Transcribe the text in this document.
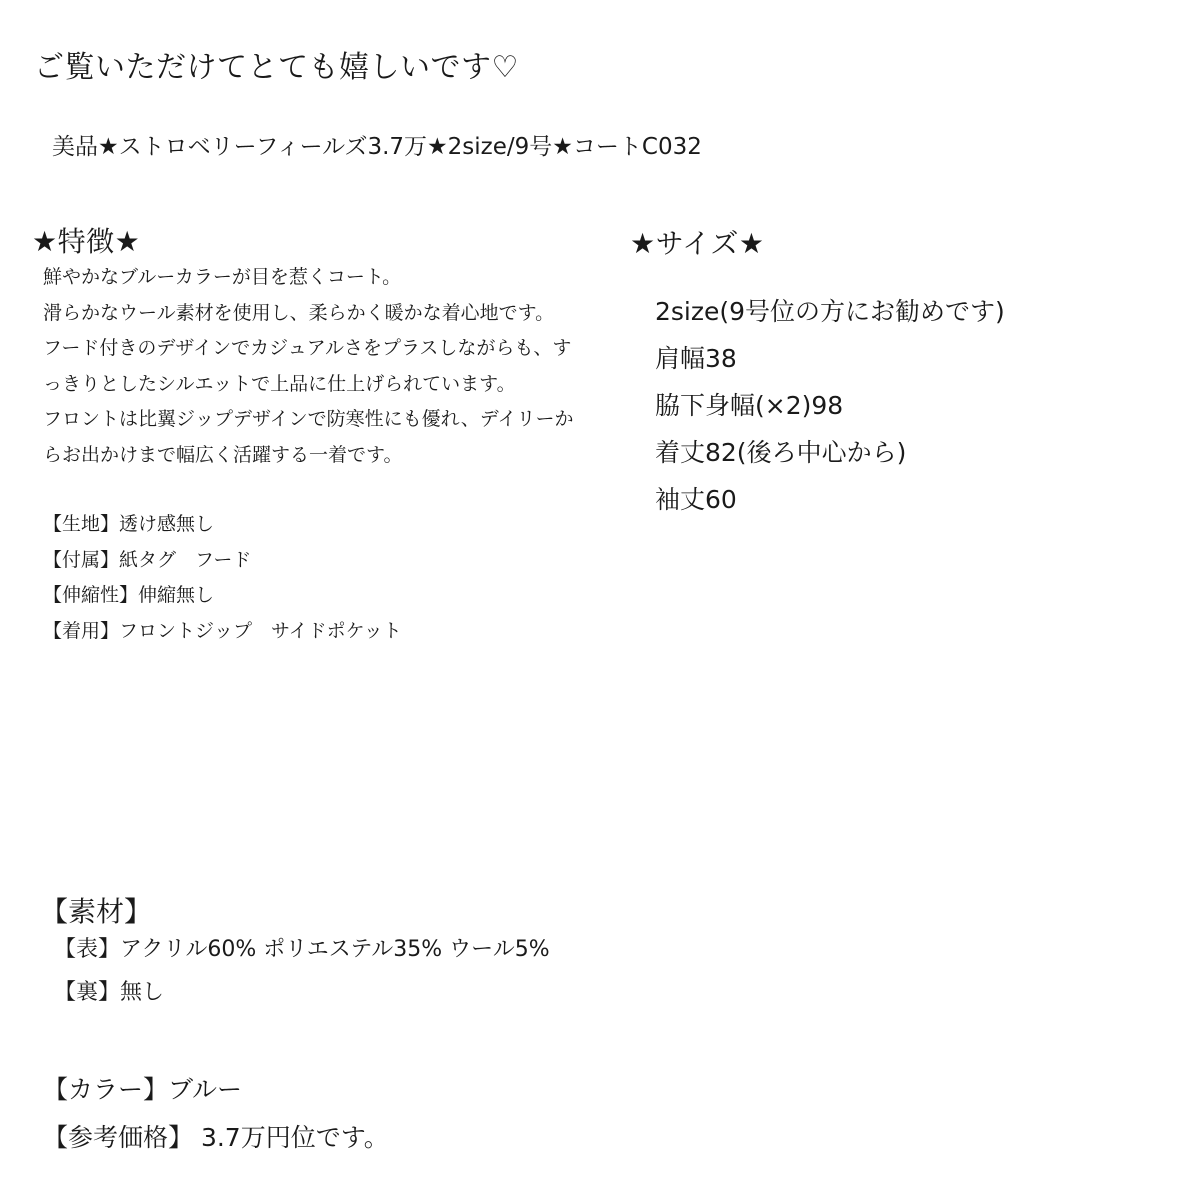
ご覧いただけてとても嬉しいです♡
美品★ストロベリーフィールズ3.7万★2size/9号★コートC032
★特徴★
鮮やかなブルーカラーが目を惹くコート。
滑らかなウール素材を使用し、柔らかく暖かな着心地です。
フード付きのデザインでカジュアルさをプラスしながらも、す
っきりとしたシルエットで上品に仕上げられています。
フロントは比翼ジップデザインで防寒性にも優れ、デイリーか
らお出かけまで幅広く活躍する一着です。
【生地】透け感無し
【付属】紙タグ　フード
【伸縮性】伸縮無し
【着用】フロントジップ　サイドポケット
★サイズ★
2size(9号位の方にお勧めです)
肩幅38
脇下身幅(×2)98
着丈82(後ろ中心から)
袖丈60
【素材】
【表】アクリル60% ポリエステル35% ウール5%
【裏】無し
【カラー】ブルー
【参考価格】 3.7万円位です。
